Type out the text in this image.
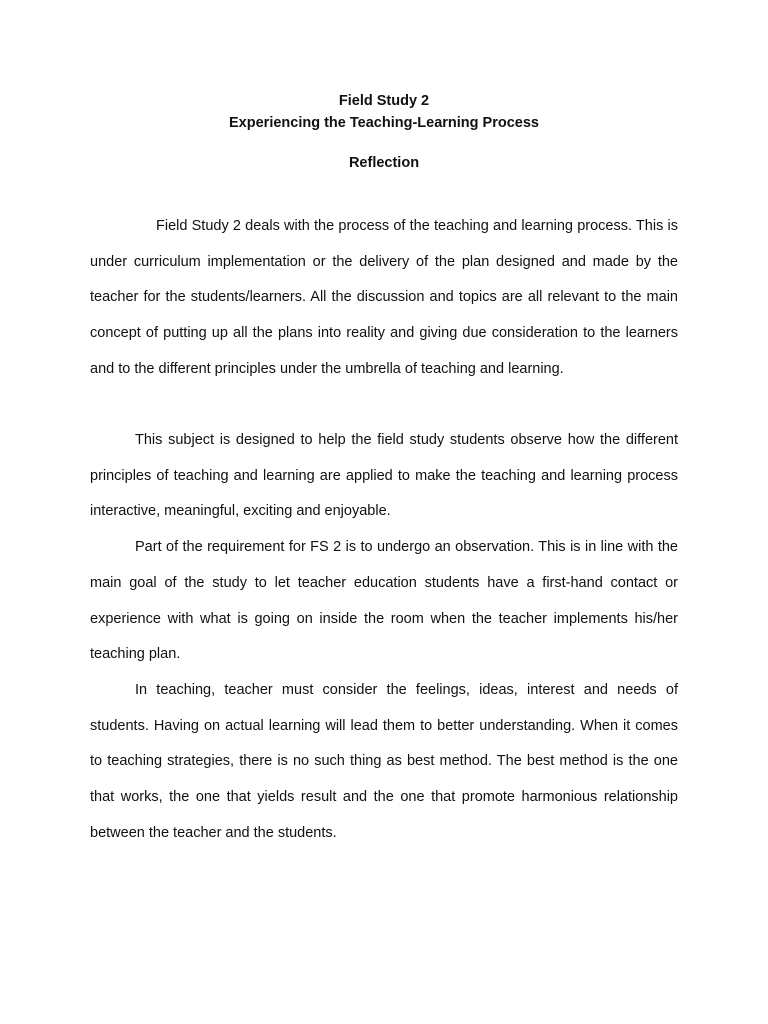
Field Study 2
Experiencing the Teaching-Learning Process
Reflection

Field Study 2 deals with the process of the teaching and learning process. This is under curriculum implementation or the delivery of the plan designed and made by the teacher for the students/learners. All the discussion and topics are all relevant to the main concept of putting up all the plans into reality and giving due consideration to the learners and to the different principles under the umbrella of teaching and learning.

This subject is designed to help the field study students observe how the different principles of teaching and learning are applied to make the teaching and learning process interactive, meaningful, exciting and enjoyable.

Part of the requirement for FS 2 is to undergo an observation. This is in line with the main goal of the study to let teacher education students have a first-hand contact or experience with what is going on inside the room when the teacher implements his/her teaching plan.

In teaching, teacher must consider the feelings, ideas, interest and needs of students. Having on actual learning will lead them to better understanding. When it comes to teaching strategies, there is no such thing as best method. The best method is the one that works, the one that yields result and the one that promote harmonious relationship between the teacher and the students.
